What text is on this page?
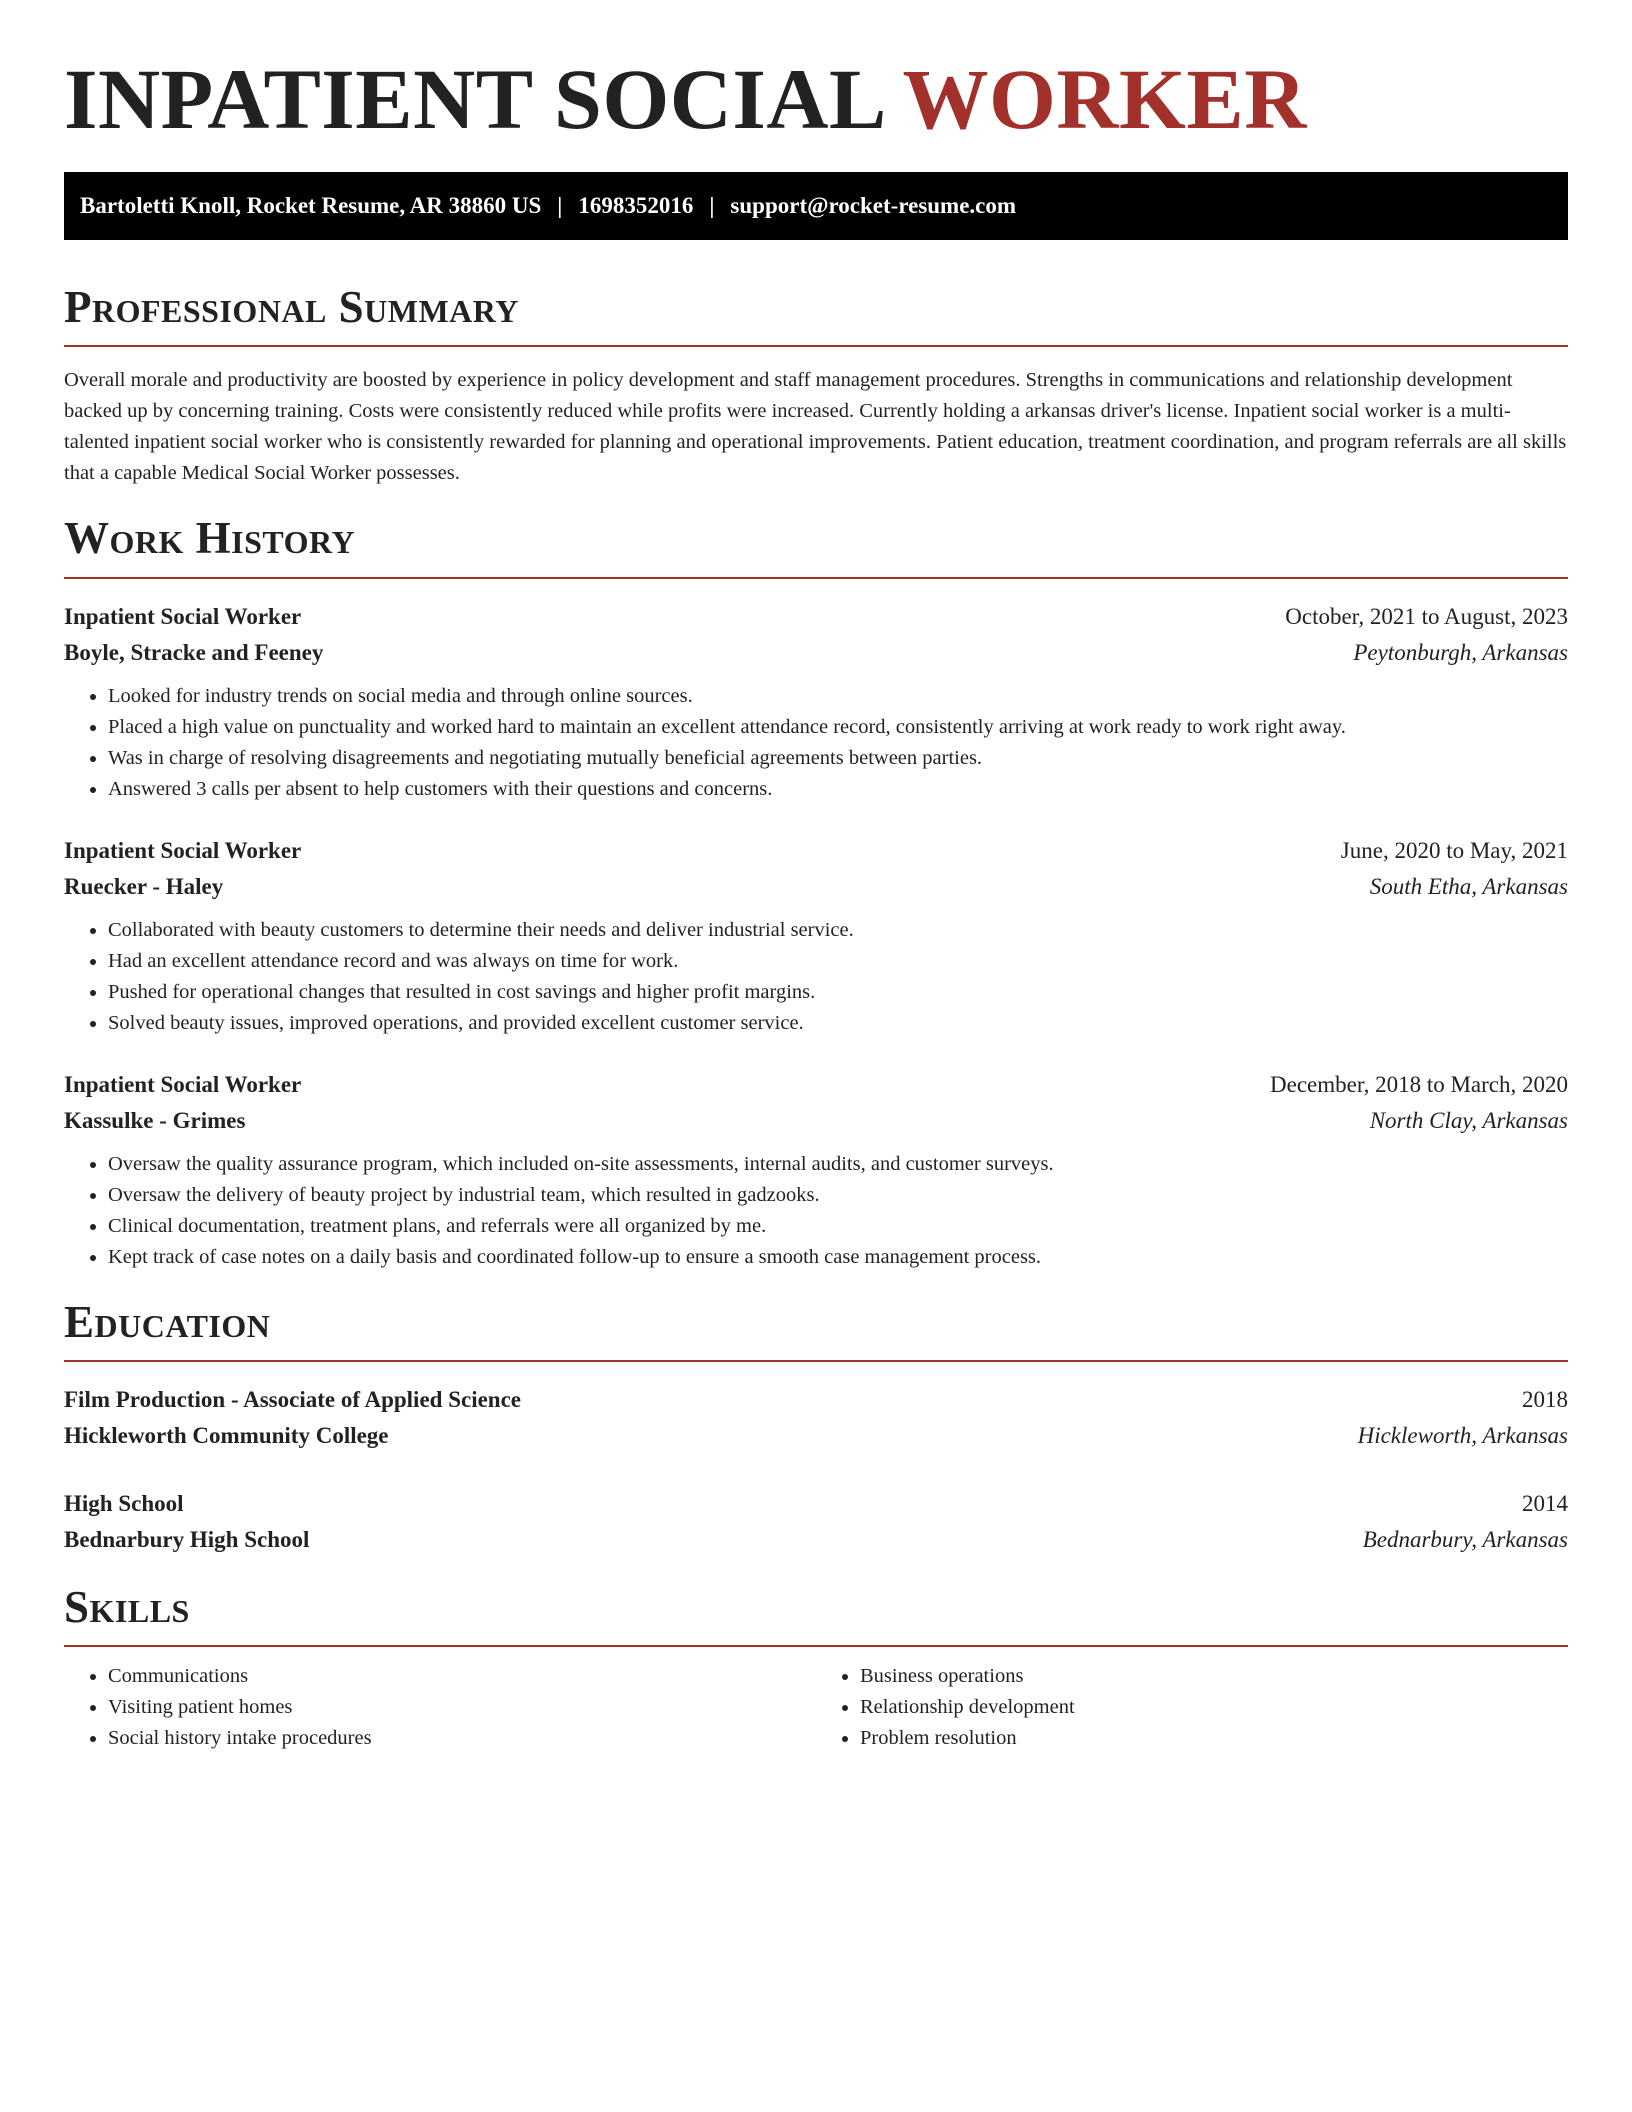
INPATIENT SOCIAL WORKER
Bartoletti Knoll, Rocket Resume, AR 38860 US | 1698352016 | support@rocket-resume.com
Professional Summary

Overall morale and productivity are boosted by experience in policy development and staff management procedures. Strengths in communications and relationship development backed up by concerning training. Costs were consistently reduced while profits were increased. Currently holding a arkansas driver's license. Inpatient social worker is a multi-talented inpatient social worker who is consistently rewarded for planning and operational improvements. Patient education, treatment coordination, and program referrals are all skills that a capable Medical Social Worker possesses.

Work History
Inpatient Social Worker	October, 2021 to August, 2023
Boyle, Stracke and Feeney	Peytonburgh, Arkansas
• Looked for industry trends on social media and through online sources.
• Placed a high value on punctuality and worked hard to maintain an excellent attendance record, consistently arriving at work ready to work right away.
• Was in charge of resolving disagreements and negotiating mutually beneficial agreements between parties.
• Answered 3 calls per absent to help customers with their questions and concerns.
Inpatient Social Worker	June, 2020 to May, 2021
Ruecker - Haley	South Etha, Arkansas
• Collaborated with beauty customers to determine their needs and deliver industrial service.
• Had an excellent attendance record and was always on time for work.
• Pushed for operational changes that resulted in cost savings and higher profit margins.
• Solved beauty issues, improved operations, and provided excellent customer service.
Inpatient Social Worker	December, 2018 to March, 2020
Kassulke - Grimes	North Clay, Arkansas
• Oversaw the quality assurance program, which included on-site assessments, internal audits, and customer surveys.
• Oversaw the delivery of beauty project by industrial team, which resulted in gadzooks.
• Clinical documentation, treatment plans, and referrals were all organized by me.
• Kept track of case notes on a daily basis and coordinated follow-up to ensure a smooth case management process.
Education
Film Production - Associate of Applied Science	2018
Hickleworth Community College	Hickleworth, Arkansas
High School	2014
Bednarbury High School	Bednarbury, Arkansas
Skills
• Communications
• Visiting patient homes
• Social history intake procedures
• Business operations
• Relationship development
• Problem resolution
